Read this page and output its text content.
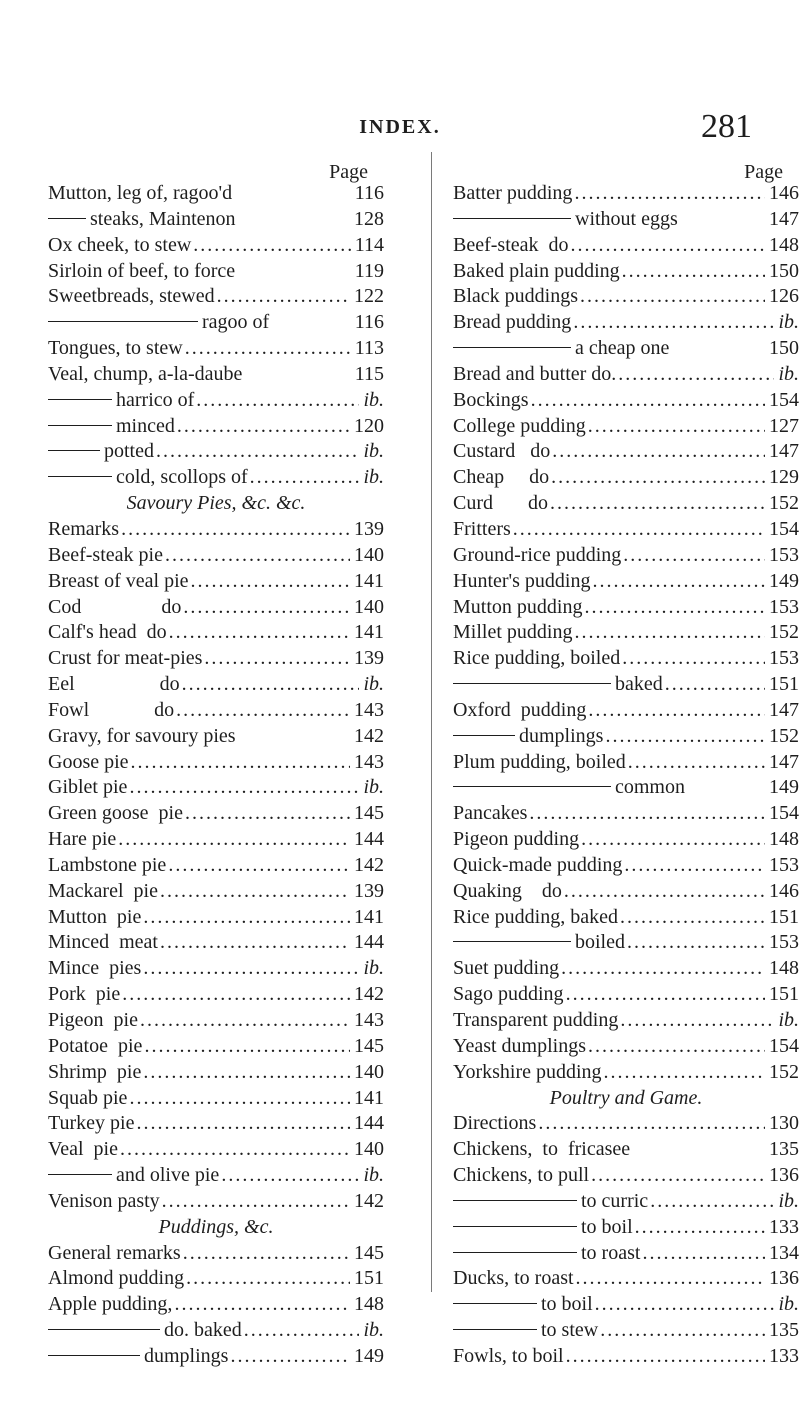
INDEX.	281
Page
Mutton, leg of, ragoo'd	116
steaks, Maintenon	128
Ox cheek, to stew .....	114
Sirloin of beef, to force	119
Sweetbreads, stewed .....	122
ragoo of	116
Tongues, to stew .....	113
Veal, chump, a-la-daube	115
harrico of .....	ib.
minced .....	120
potted .....	ib.
cold, scollops of .....	ib.
Savoury Pies, &c. &c.
Remarks .....	139
Beef-steak pie .....	140
Breast of veal pie .....	141
Cod                do .....	140
Calf's head  do .....	141
Crust for meat-pies .....	139
Eel                 do .....	ib.
Fowl             do .....	143
Gravy, for savoury pies	142
Goose pie .....	143
Giblet pie .....	ib.
Green goose  pie .....	145
Hare pie .....	144
Lambstone pie .....	142
Mackarel  pie .....	139
Mutton  pie .....	141
Minced  meat .....	144
Mince  pies .....	ib.
Pork  pie .....	142
Pigeon  pie .....	143
Potatoe  pie .....	145
Shrimp  pie .....	140
Squab pie .....	141
Turkey pie .....	144
Veal  pie .....	140
and olive pie .....	ib.
Venison pasty .....	142
Puddings, &c.
General remarks .....	145
Almond pudding .....	151
Apple pudding, .....	148
do. baked .....	ib.
dumplings .....	149
Page
Batter pudding .....	146
without eggs	147
Beef-steak  do .....	148
Baked plain pudding .....	150
Black puddings .....	126
Bread pudding .....	ib.
a cheap one	150
Bread and butter do. .....	ib.
Bockings .....	154
College pudding .....	127
Custard   do .....	147
Cheap     do .....	129
Curd       do .....	152
Fritters .....	154
Ground-rice pudding .....	153
Hunter's pudding .....	149
Mutton pudding .....	153
Millet pudding .....	152
Rice pudding, boiled .....	153
baked .....	151
Oxford  pudding .....	147
dumplings .....	152
Plum pudding, boiled .....	147
common	149
Pancakes .....	154
Pigeon pudding .....	148
Quick-made pudding .....	153
Quaking    do .....	146
Rice pudding, baked .....	151
boiled .....	153
Suet pudding .....	148
Sago pudding .....	151
Transparent pudding .....	ib.
Yeast dumplings .....	154
Yorkshire pudding .....	152
Poultry and Game.
Directions .....	130
Chickens,  to  fricasee	135
Chickens, to pull .....	136
to curric .....	ib.
to boil .....	133
to roast .....	134
Ducks, to roast .....	136
to boil .....	ib.
to stew .....	135
Fowls, to boil .....	133
